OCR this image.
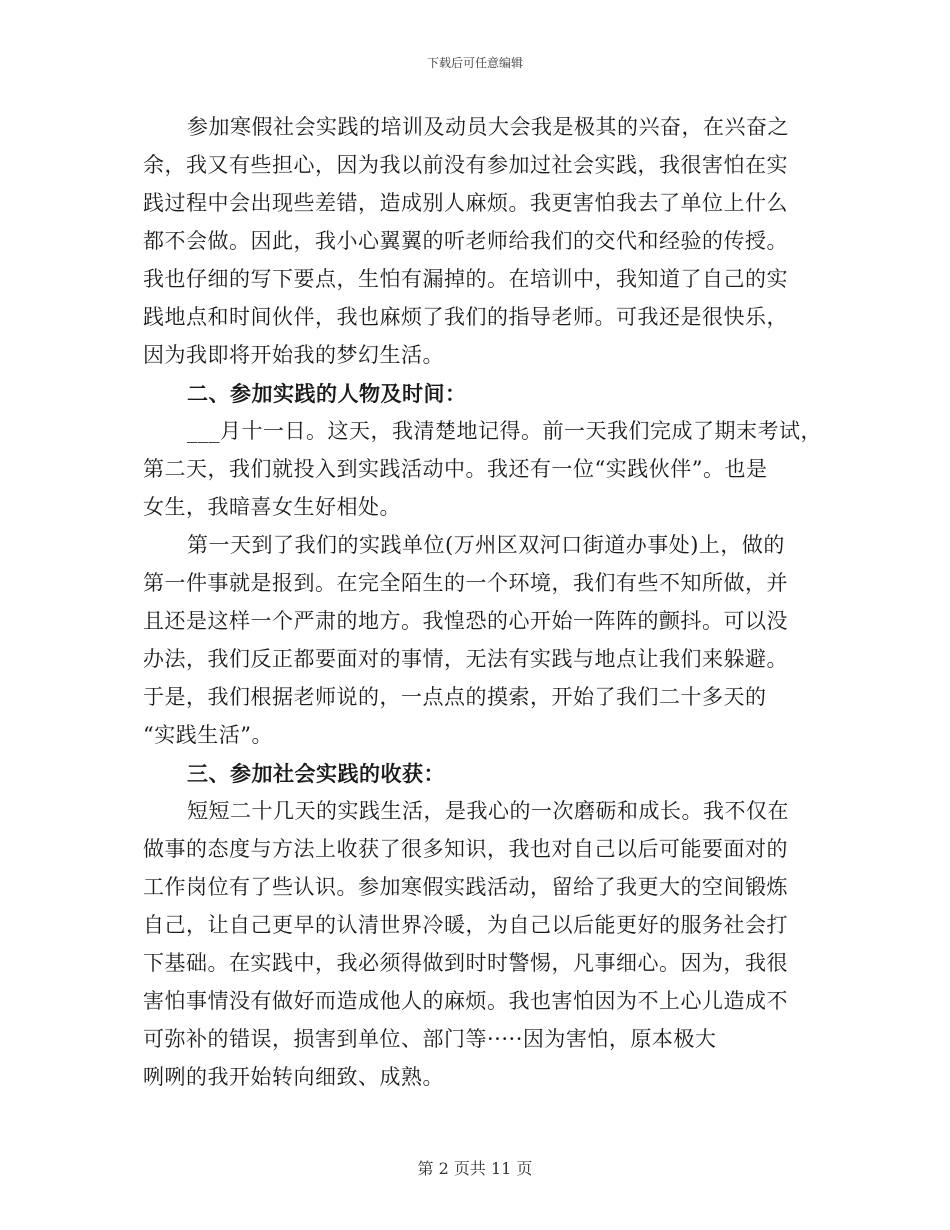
下载后可任意编辑
参加寒假社会实践的培训及动员大会我是极其的兴奋，在兴奋之
余，我又有些担心，因为我以前没有参加过社会实践，我很害怕在实
践过程中会出现些差错，造成别人麻烦。我更害怕我去了单位上什么
都不会做。因此，我小心翼翼的听老师给我们的交代和经验的传授。
我也仔细的写下要点，生怕有漏掉的。在培训中，我知道了自己的实
践地点和时间伙伴，我也麻烦了我们的指导老师。可我还是很快乐，
因为我即将开始我的梦幻生活。
二、参加实践的人物及时间：
___月十一日。这天，我清楚地记得。前一天我们完成了期末考试，
第二天，我们就投入到实践活动中。我还有一位“实践伙伴”。也是
女生，我暗喜女生好相处。
第一天到了我们的实践单位(万州区双河口街道办事处)上，做的
第一件事就是报到。在完全陌生的一个环境，我们有些不知所做，并
且还是这样一个严肃的地方。我惶恐的心开始一阵阵的颤抖。可以没
办法，我们反正都要面对的事情，无法有实践与地点让我们来躲避。
于是，我们根据老师说的，一点点的摸索，开始了我们二十多天的
“实践生活”。
三、参加社会实践的收获：
短短二十几天的实践生活，是我心的一次磨砺和成长。我不仅在
做事的态度与方法上收获了很多知识，我也对自己以后可能要面对的
工作岗位有了些认识。参加寒假实践活动，留给了我更大的空间锻炼
自己，让自己更早的认清世界冷暖，为自己以后能更好的服务社会打
下基础。在实践中，我必须得做到时时警惕，凡事细心。因为，我很
害怕事情没有做好而造成他人的麻烦。我也害怕因为不上心儿造成不
可弥补的错误，损害到单位、部门等·····因为害怕，原本极大
咧咧的我开始转向细致、成熟。
第 2 页共 11 页
